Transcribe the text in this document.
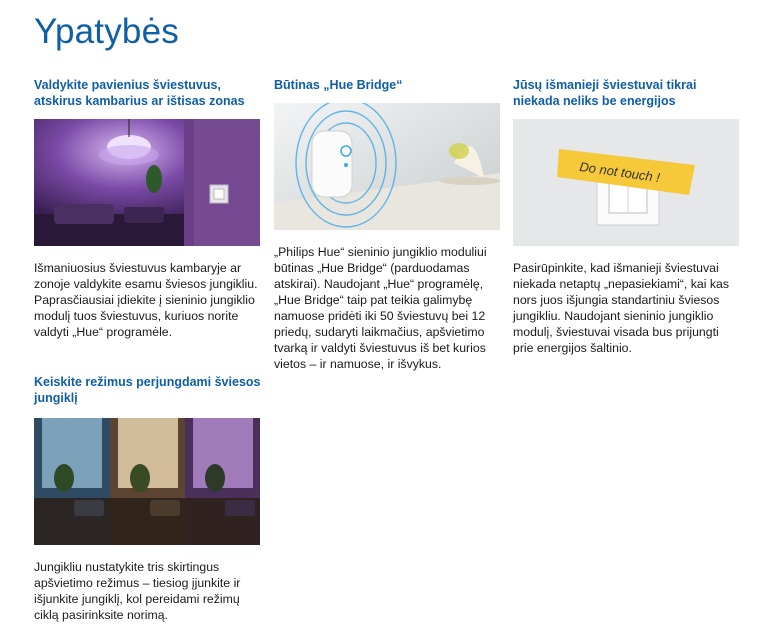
Ypatybės

Valdykite pavienius šviestuvus, atskirus kambarius ar ištisas zonas

Išmaniuosius šviestuvus kambaryje ar zonoje valdykite esamu šviesos jungikliu. Paprasčiausiai įdiekite į sieninio jungiklio modulį tuos šviestuvus, kuriuos norite valdyti „Hue“ programėle.

Būtinas „Hue Bridge“

„Philips Hue“ sieninio jungiklio moduliui būtinas „Hue Bridge“ (parduodamas atskirai). Naudojant „Hue“ programėlę, „Hue Bridge“ taip pat teikia galimybę namuose pridėti iki 50 šviestuvų bei 12 priedų, sudaryti laikmačius, apšvietimo tvarką ir valdyti šviestuvus iš bet kurios vietos – ir namuose, ir išvykus.

Jūsų išmanieji šviestuvai tikrai niekada neliks be energijos

Do not touch !
Pasirūpinkite, kad išmanieji šviestuvai niekada netaptų „nepasiekiami“, kai kas nors juos išjungia standartiniu šviesos jungikliu. Naudojant sieninio jungiklio modulį, šviestuvai visada bus prijungti prie energijos šaltinio.

Keiskite režimus perjungdami šviesos jungiklį

Jungikliu nustatykite tris skirtingus apšvietimo režimus – tiesiog įjunkite ir išjunkite jungiklį, kol pereidami režimų ciklą pasirinksite norimą.
